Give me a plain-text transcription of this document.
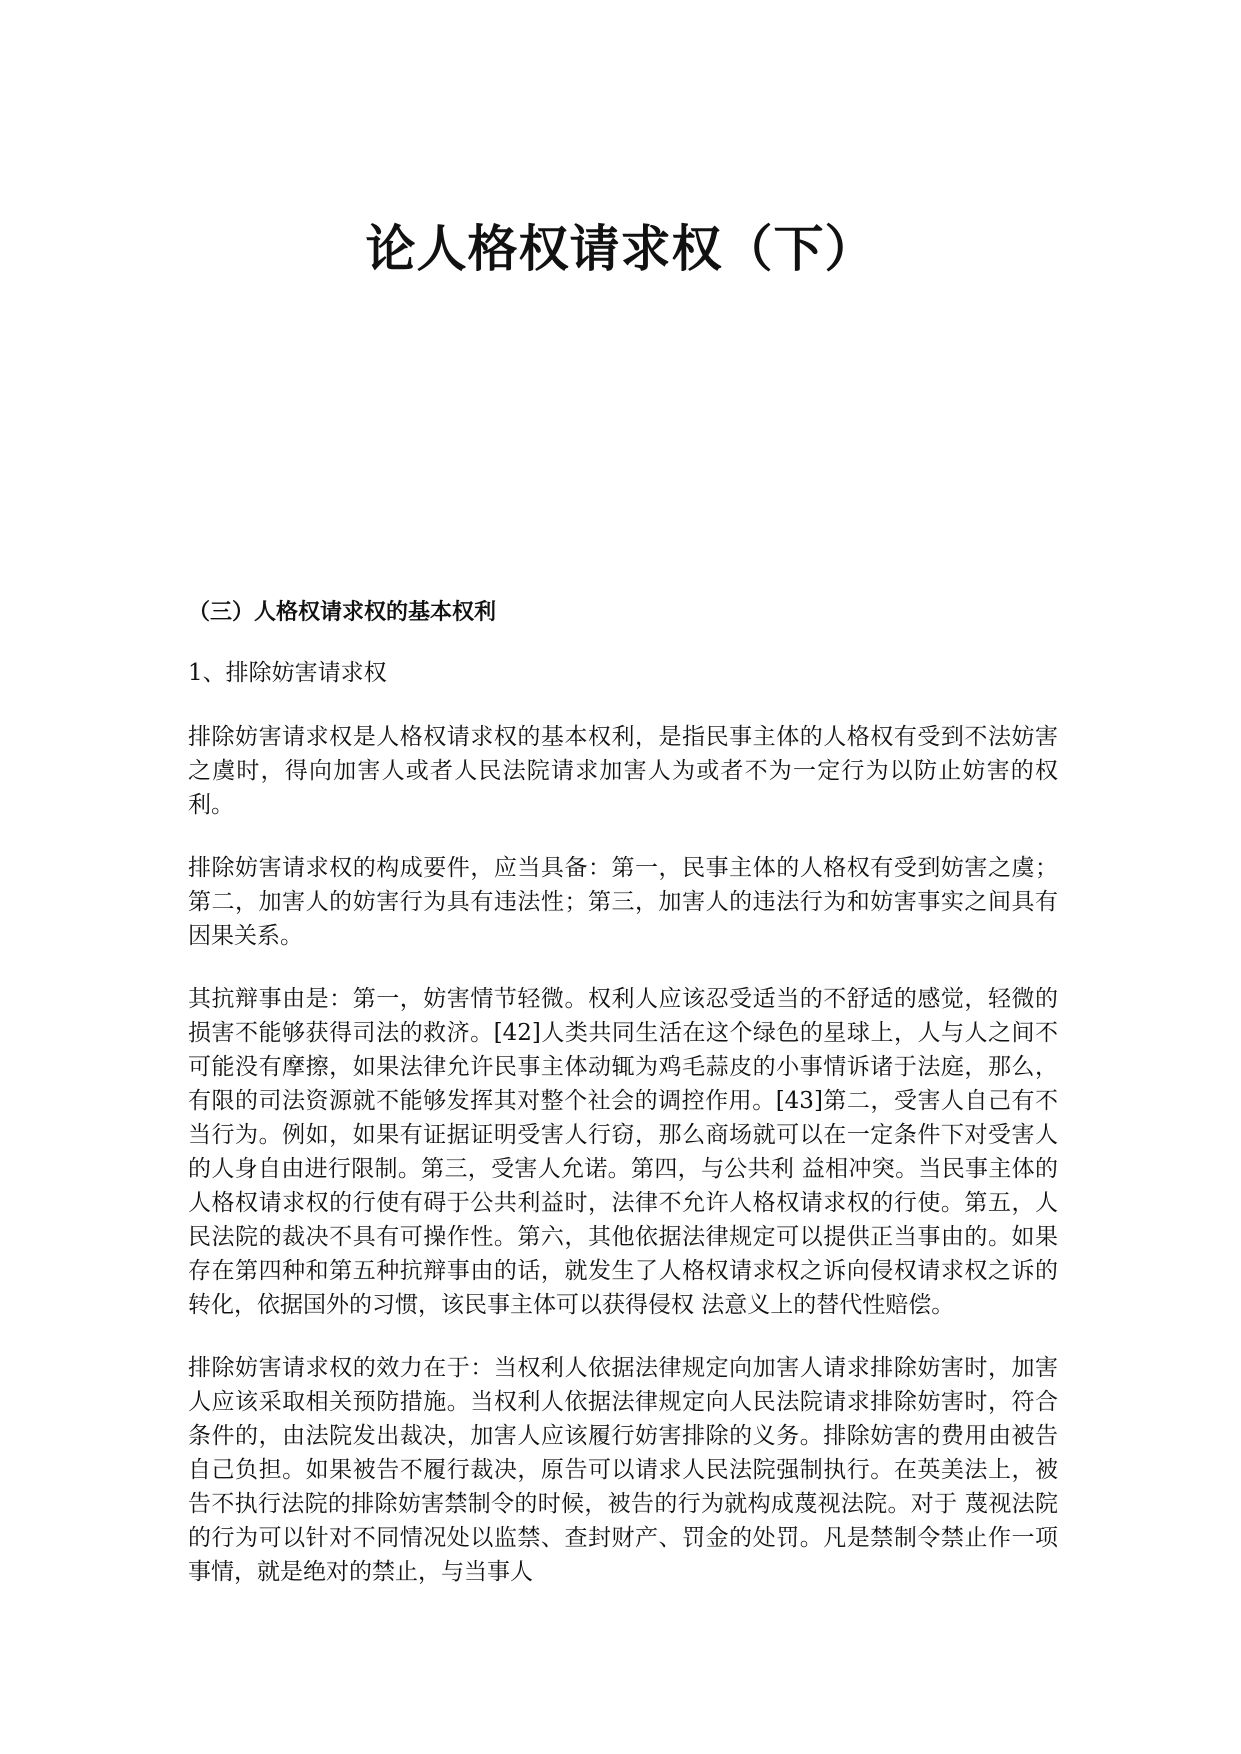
论人格权请求权（下）
（三）人格权请求权的基本权利

1、排除妨害请求权

排除妨害请求权是人格权请求权的基本权利，是指民事主体的人格权有受到不法妨害之虞时，得向加害人或者人民法院请求加害人为或者不为一定行为以防止妨害的权利。

排除妨害请求权的构成要件，应当具备：第一，民事主体的人格权有受到妨害之虞；第二，加害人的妨害行为具有违法性；第三，加害人的违法行为和妨害事实之间具有因果关系。

其抗辩事由是：第一，妨害情节轻微。权利人应该忍受适当的不舒适的感觉，轻微的损害不能够获得司法的救济。[42]人类共同生活在这个绿色的星球上，人与人之间不可能没有摩擦，如果法律允许民事主体动辄为鸡毛蒜皮的小事情诉诸于法庭，那么，有限的司法资源就不能够发挥其对整个社会的调控作用。[43]第二，受害人自己有不当行为。例如，如果有证据证明受害人行窃，那么商场就可以在一定条件下对受害人的人身自由进行限制。第三，受害人允诺。第四，与公共利 益相冲突。当民事主体的人格权请求权的行使有碍于公共利益时，法律不允许人格权请求权的行使。第五，人民法院的裁决不具有可操作性。第六，其他依据法律规定可以提供正当事由的。如果存在第四种和第五种抗辩事由的话，就发生了人格权请求权之诉向侵权请求权之诉的转化，依据国外的习惯，该民事主体可以获得侵权 法意义上的替代性赔偿。

排除妨害请求权的效力在于：当权利人依据法律规定向加害人请求排除妨害时，加害 人应该采取相关预防措施。当权利人依据法律规定向人民法院请求排除妨害时，符合条件的，由法院发出裁决，加害人应该履行妨害排除的义务。排除妨害的费用由被告自己负担。如果被告不履行裁决，原告可以请求人民法院强制执行。在英美法上，被告不执行法院的排除妨害禁制令的时候，被告的行为就构成蔑视法院。对于 蔑视法院的行为可以针对不同情况处以监禁、查封财产、罚金的处罚。凡是禁制令禁止作一项事情，就是绝对的禁止，与当事人
